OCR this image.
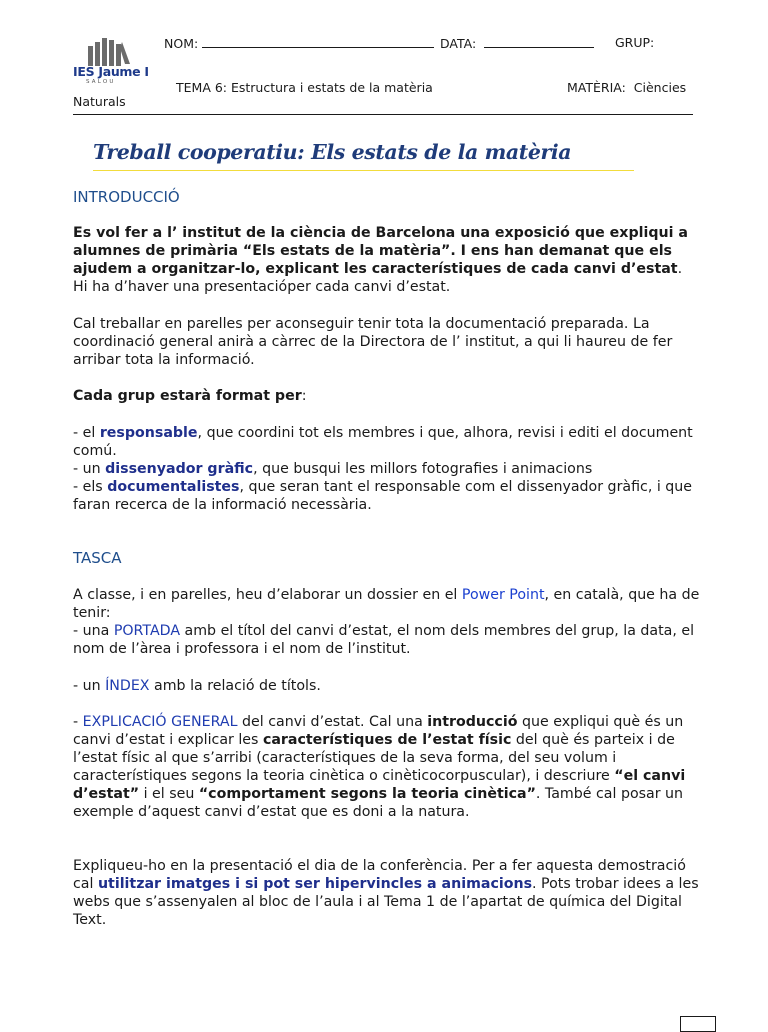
IES Jaume I
SALOU
NOM:	DATA:	GRUP:
TEMA 6: Estructura i estats de la matèria	MATÈRIA: Ciències
Naturals
Treball cooperatiu: Els estats de la matèria
INTRODUCCIÓ

Es vol fer a l’ institut de la ciència de Barcelona una exposició que expliqui a alumnes de primària “Els estats de la matèria”. I ens han demanat que els ajudem a organitzar-lo, explicant les característiques de cada canvi d’estat. Hi ha d’haver una presentacióper cada canvi d’estat.

Cal treballar en parelles per aconseguir tenir tota la documentació preparada. La coordinació general anirà a càrrec de la Directora de l’ institut, a qui li haureu de fer arribar tota la informació.
Cada grup estarà format per:

- el responsable, que coordini tot els membres i que, alhora, revisi i editi el document comú.

- un dissenyador gràfic, que busqui les millors fotografies i animacions

- els documentalistes, que seran tant el responsable com el dissenyador gràfic, i que faran recerca de la informació necessària.

TASCA

A classe, i en parelles, heu d’elaborar un dossier en el Power Point, en català, que ha de tenir:

- una PORTADA amb el títol del canvi d’estat, el nom dels membres del grup, la data, el nom de l’àrea i professora i el nom de l’institut.

- un ÍNDEX amb la relació de títols.
- EXPLICACIÓ GENERAL del canvi d’estat. Cal una introducció que expliqui què és un canvi d’estat i explicar les característiques de l’estat físic del què és parteix i de l’estat físic al que s’arribi (característiques de la seva forma, del seu volum i característiques segons la teoria cinètica o cinèticocorpuscular), i descriure “el canvi d’estat” i el seu “comportament segons la teoria cinètica”. També cal posar un exemple d’aquest canvi d’estat que es doni a la natura.
Expliqueu-ho en la presentació el dia de la conferència. Per a fer aquesta demostració cal utilitzar imatges i si pot ser hipervincles a animacions. Pots trobar idees a les webs que s’assenyalen al bloc de l’aula i al Tema 1 de l’apartat de química del Digital Text.
